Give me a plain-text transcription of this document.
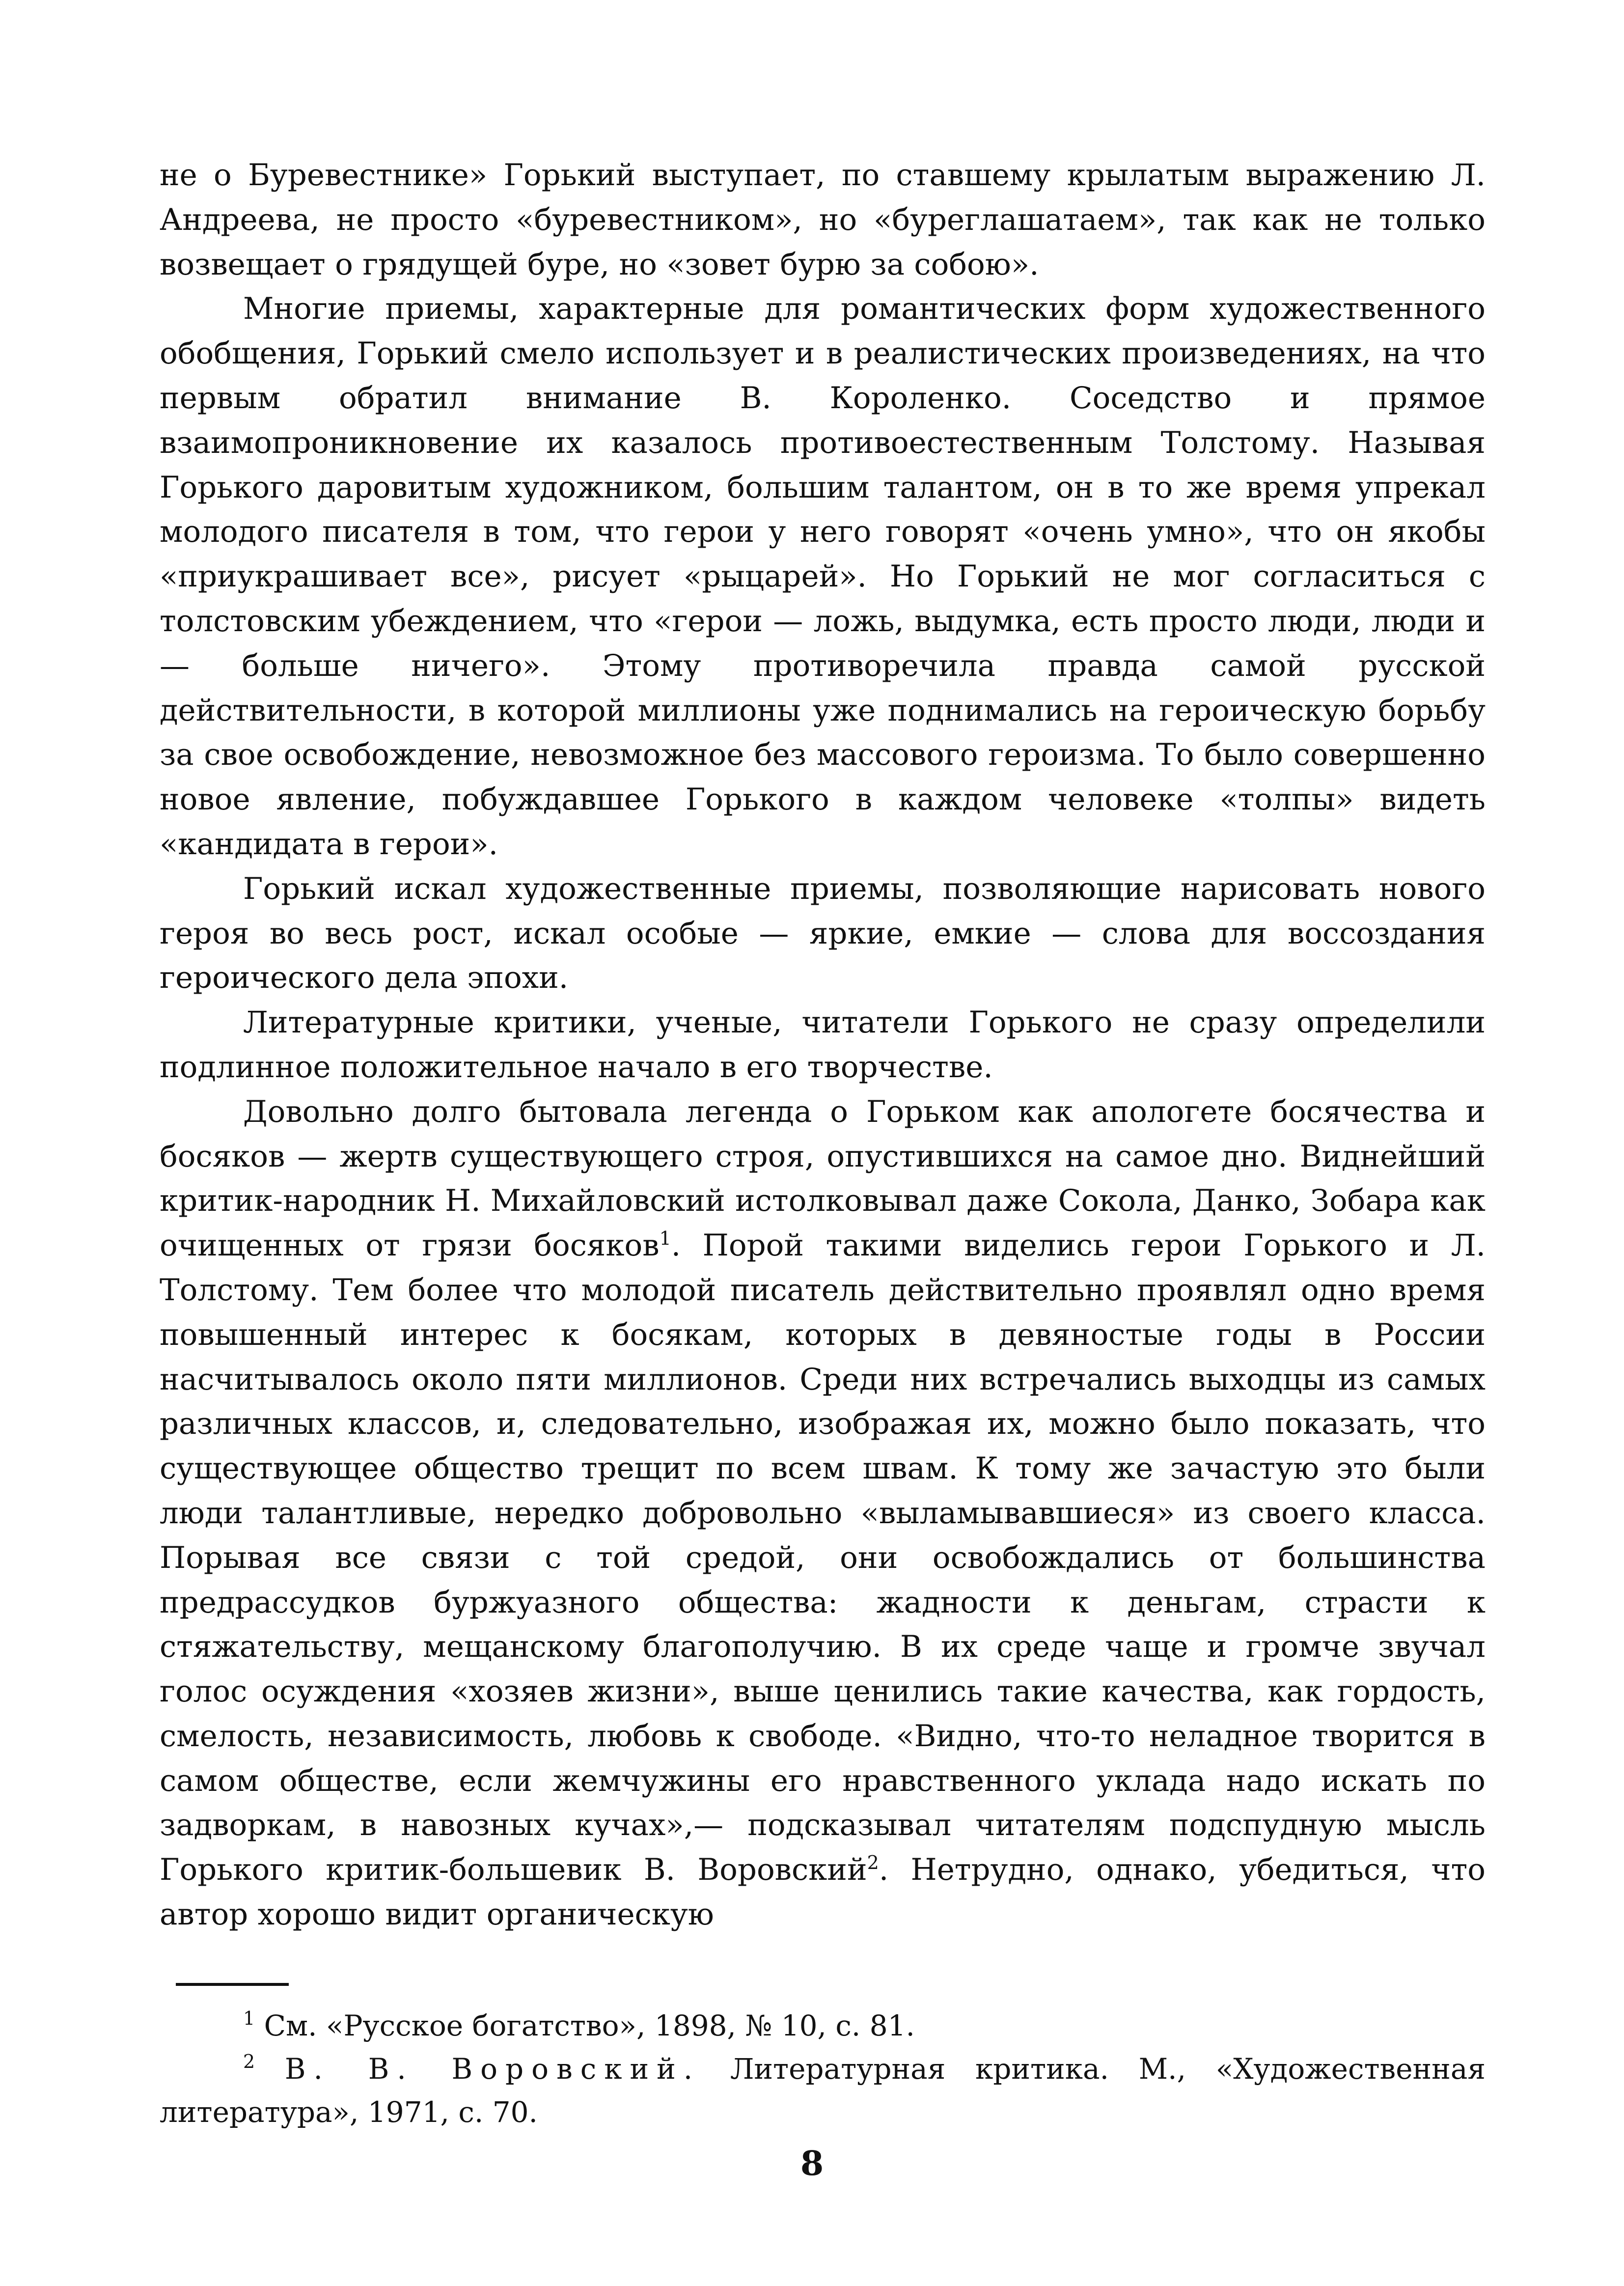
не о Буревестнике» Горький выступает, по ставшему крылатым выражению Л. Андреева, не просто «буревестником», но «буреглашатаем», так как не только возвещает о грядущей буре, но «зовет бурю за собою».

Многие приемы, характерные для романтических форм художественного обобщения, Горький смело использует и в реалистических произведениях, на что первым обратил внимание В. Короленко. Соседство и прямое взаимопроникновение их казалось противоестественным Толстому. Называя Горького даровитым художником, большим талантом, он в то же время упрекал молодого писателя в том, что герои у него говорят «очень умно», что он якобы «приукрашивает все», рисует «рыцарей». Но Горький не мог согласиться с толстовским убеждением, что «герои — ложь, выдумка, есть просто люди, люди и — больше ничего». Этому противоречила правда самой русской действительности, в которой миллионы уже поднимались на героическую борьбу за свое освобождение, невозможное без массового героизма. То было совершенно новое явление, побуждавшее Горького в каждом человеке «толпы» видеть «кандидата в герои».

Горький искал художественные приемы, позволяющие нарисовать нового героя во весь рост, искал особые — яркие, емкие — слова для воссоздания героического дела эпохи.

Литературные критики, ученые, читатели Горького не сразу определили подлинное положительное начало в его творчестве.

Довольно долго бытовала легенда о Горьком как апологете босячества и босяков — жертв существующего строя, опустившихся на самое дно. Виднейший критик-народник Н. Михайловский истолковывал даже Сокола, Данко, Зобара как очищенных от грязи босяков$^1$. Порой такими виделись герои Горького и Л. Толстому. Тем более что молодой писатель действительно проявлял одно время повышенный интерес к босякам, которых в девяностые годы в России насчитывалось около пяти миллионов. Среди них встречались выходцы из самых различных классов, и, следовательно, изображая их, можно было показать, что существующее общество трещит по всем швам. К тому же зачастую это были люди талантливые, нередко добровольно «выламывавшиеся» из своего класса. Порывая все связи с той средой, они освобождались от большинства предрассудков буржуазного общества: жадности к деньгам, страсти к стяжательству, мещанскому благополучию. В их среде чаще и громче звучал голос осуждения «хозяев жизни», выше ценились такие качества, как гордость, смелость, независимость, любовь к свободе. «Видно, что-то неладное творится в самом обществе, если жемчужины его нравственного уклада надо искать по задворкам, в навозных кучах»,— подсказывал читателям подспудную мысль Горького критик-большевик В. Воровский$^2$. Нетрудно, однако, убедиться, что автор хорошо видит органическую

$^1$ См. «Русское богатство», 1898, № 10, с. 81.

$^2$ В. В. Воровский. Литературная критика. М., «Художественная литература», 1971, с. 70.

8
